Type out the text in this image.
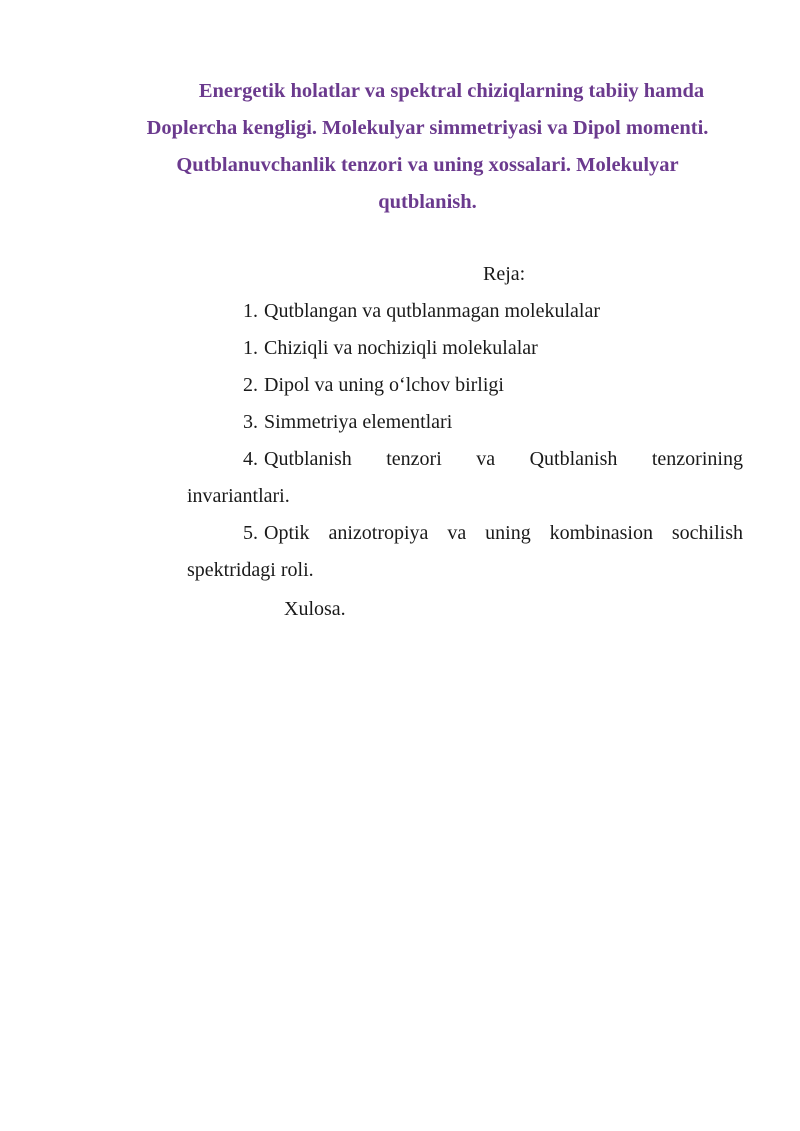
Energetik holatlar va spektral chiziqlarning tabiiy hamda
Doplercha kengligi. Molekulyar simmetriyasi va Dipol momenti.
Qutblanuvchanlik tenzori va uning xossalari. Molekulyar
qutblanish.
Reja:
1. Qutblangan va qutblanmagan molekulalar
1. Chiziqli va nochiziqli molekulalar
2. Dipol va uning o‘lchov birligi
3. Simmetriya elementlari
4. Qutblanish tenzori va Qutblanish tenzorining
invariantlari.
5. Optik anizotropiya va uning kombinasion sochilish
spektridagi roli.
Xulosa.
